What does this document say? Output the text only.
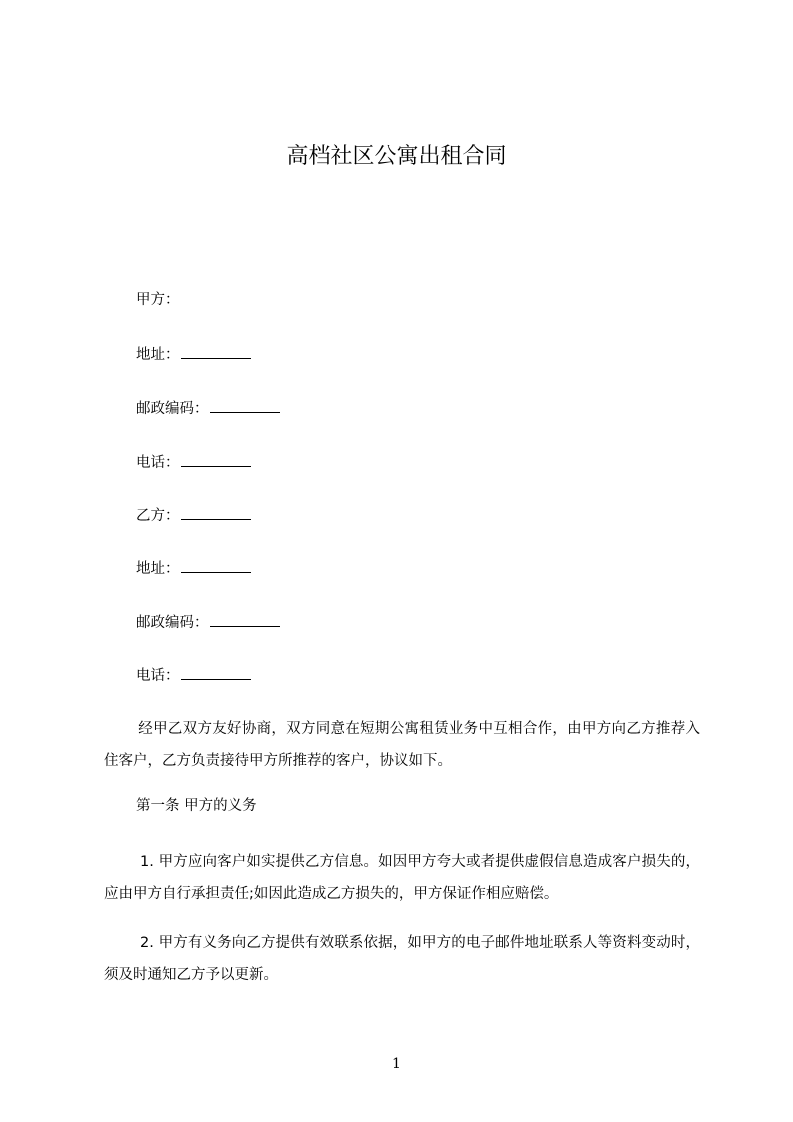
高档社区公寓出租合同
甲方：
地址：
邮政编码：
电话：
乙方：
地址：
邮政编码：
电话：

经甲乙双方友好协商，双方同意在短期公寓租赁业务中互相合作，由甲方向乙方推荐入住客户，乙方负责接待甲方所推荐的客户，协议如下。

第一条 甲方的义务

1. 甲方应向客户如实提供乙方信息。如因甲方夸大或者提供虚假信息造成客户损失的，应由甲方自行承担责任;如因此造成乙方损失的，甲方保证作相应赔偿。

2. 甲方有义务向乙方提供有效联系依据，如甲方的电子邮件地址联系人等资料变动时，须及时通知乙方予以更新。

1
